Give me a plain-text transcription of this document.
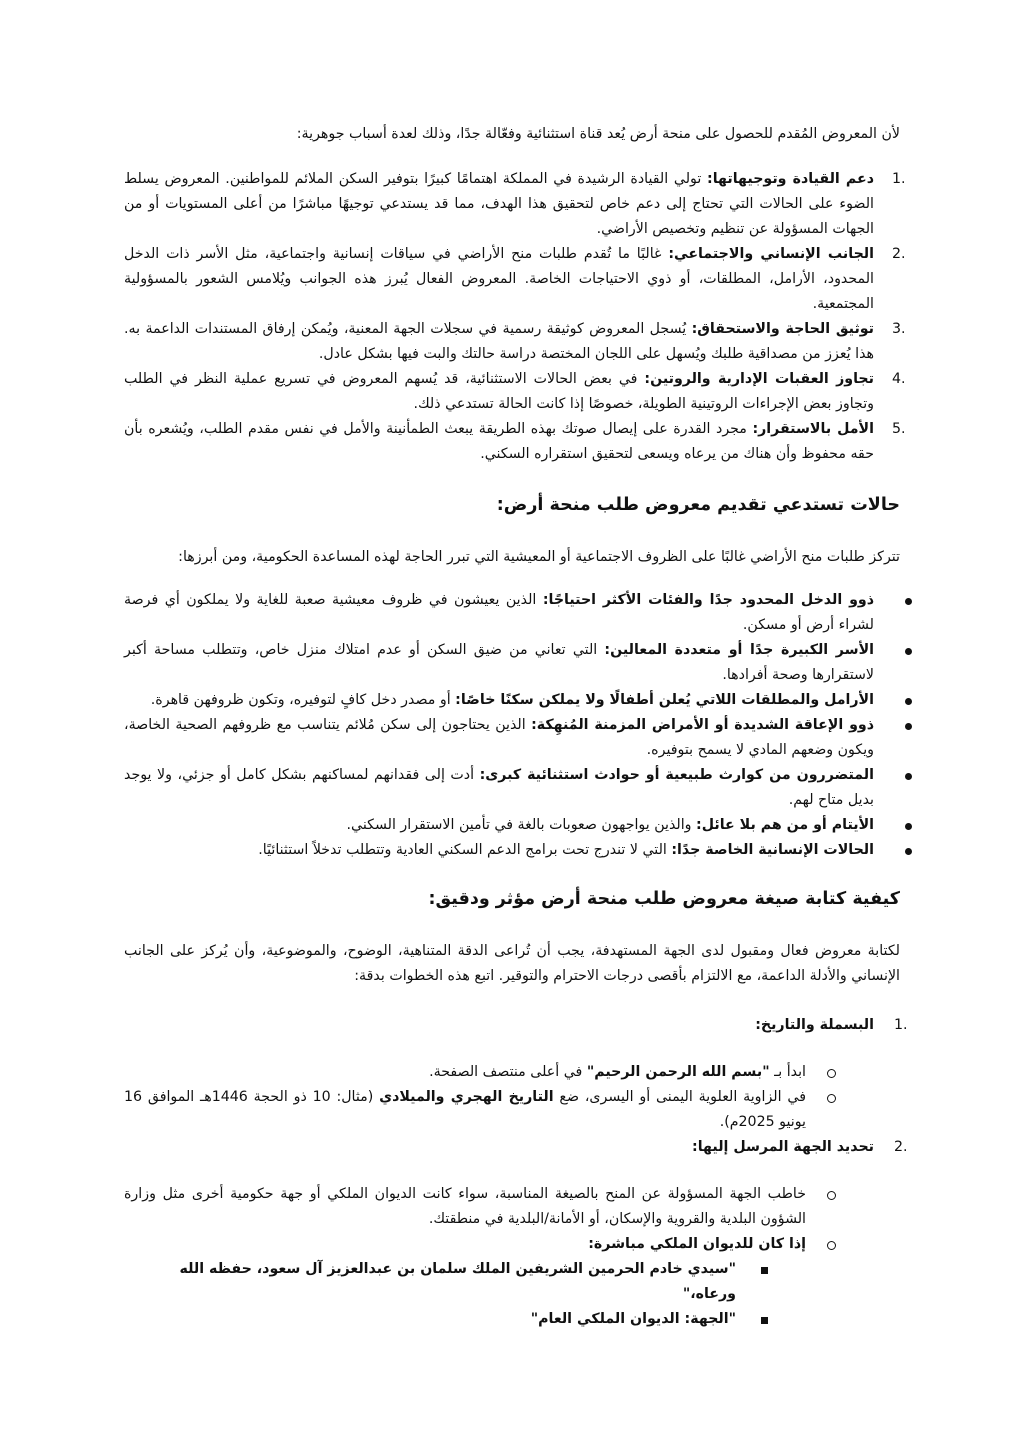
لأن المعروض المُقدم للحصول على منحة أرض يُعد قناة استثنائية وفعّالة جدًا، وذلك لعدة أسباب جوهرية:

1.
دعم القيادة وتوجيهاتها: تولي القيادة الرشيدة في المملكة اهتمامًا كبيرًا بتوفير السكن الملائم للمواطنين. المعروض يسلط الضوء على الحالات التي تحتاج إلى دعم خاص لتحقيق هذا الهدف، مما قد يستدعي توجيهًا مباشرًا من أعلى المستويات أو من الجهات المسؤولة عن تنظيم وتخصيص الأراضي.
2.
الجانب الإنساني والاجتماعي: غالبًا ما تُقدم طلبات منح الأراضي في سياقات إنسانية واجتماعية، مثل الأسر ذات الدخل المحدود، الأرامل، المطلقات، أو ذوي الاحتياجات الخاصة. المعروض الفعال يُبرز هذه الجوانب ويُلامس الشعور بالمسؤولية المجتمعية.
3.
توثيق الحاجة والاستحقاق: يُسجل المعروض كوثيقة رسمية في سجلات الجهة المعنية، ويُمكن إرفاق المستندات الداعمة به. هذا يُعزز من مصداقية طلبك ويُسهل على اللجان المختصة دراسة حالتك والبت فيها بشكل عادل.
4.
تجاوز العقبات الإدارية والروتين: في بعض الحالات الاستثنائية، قد يُسهم المعروض في تسريع عملية النظر في الطلب وتجاوز بعض الإجراءات الروتينية الطويلة، خصوصًا إذا كانت الحالة تستدعي ذلك.
5.
الأمل بالاستقرار: مجرد القدرة على إيصال صوتك بهذه الطريقة يبعث الطمأنينة والأمل في نفس مقدم الطلب، ويُشعره بأن حقه محفوظ وأن هناك من يرعاه ويسعى لتحقيق استقراره السكني.
حالات تستدعي تقديم معروض طلب منحة أرض:

تتركز طلبات منح الأراضي غالبًا على الظروف الاجتماعية أو المعيشية التي تبرر الحاجة لهذه المساعدة الحكومية، ومن أبرزها:

ذوو الدخل المحدود جدًا والفئات الأكثر احتياجًا: الذين يعيشون في ظروف معيشية صعبة للغاية ولا يملكون أي فرصة لشراء أرض أو مسكن.
الأسر الكبيرة جدًا أو متعددة المعالين: التي تعاني من ضيق السكن أو عدم امتلاك منزل خاص، وتتطلب مساحة أكبر لاستقرارها وصحة أفرادها.
الأرامل والمطلقات اللاتي يُعلن أطفالًا ولا يملكن سكنًا خاصًا: أو مصدر دخل كافٍ لتوفيره، وتكون ظروفهن قاهرة.
ذوو الإعاقة الشديدة أو الأمراض المزمنة المُنهِكة: الذين يحتاجون إلى سكن مُلائم يتناسب مع ظروفهم الصحية الخاصة، ويكون وضعهم المادي لا يسمح بتوفيره.
المتضررون من كوارث طبيعية أو حوادث استثنائية كبرى: أدت إلى فقدانهم لمساكنهم بشكل كامل أو جزئي، ولا يوجد بديل متاح لهم.
الأيتام أو من هم بلا عائل: والذين يواجهون صعوبات بالغة في تأمين الاستقرار السكني.
الحالات الإنسانية الخاصة جدًا: التي لا تندرج تحت برامج الدعم السكني العادية وتتطلب تدخلاً استثنائيًا.
كيفية كتابة صيغة معروض طلب منحة أرض مؤثر ودقيق:

لكتابة معروض فعال ومقبول لدى الجهة المستهدفة، يجب أن تُراعى الدقة المتناهية، الوضوح، والموضوعية، وأن يُركز على الجانب الإنساني والأدلة الداعمة، مع الالتزام بأقصى درجات الاحترام والتوقير. اتبع هذه الخطوات بدقة:

1.
البسملة والتاريخ:
ابدأ بـ "بسم الله الرحمن الرحيم" في أعلى منتصف الصفحة.
في الزاوية العلوية اليمنى أو اليسرى، ضع التاريخ الهجري والميلادي (مثال: 10 ذو الحجة 1446هـ الموافق 16 يونيو 2025م).
2.
تحديد الجهة المرسل إليها:
خاطب الجهة المسؤولة عن المنح بالصيغة المناسبة، سواء كانت الديوان الملكي أو جهة حكومية أخرى مثل وزارة الشؤون البلدية والقروية والإسكان، أو الأمانة/البلدية في منطقتك.
إذا كان للديوان الملكي مباشرة:
"سيدي خادم الحرمين الشريفين الملك سلمان بن عبدالعزيز آل سعود، حفظه الله ورعاه،"
"الجهة: الديوان الملكي العام"
